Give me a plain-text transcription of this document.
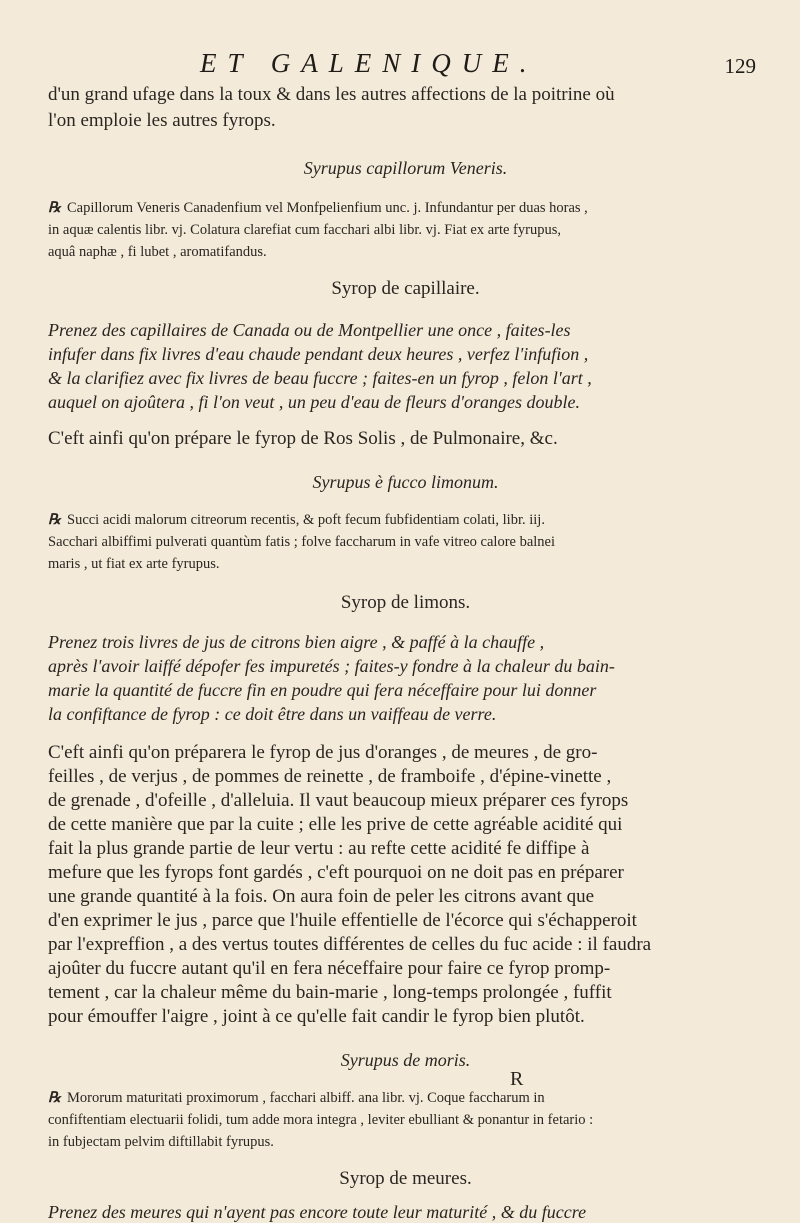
ET GALENIQUE.	129
d'un grand ufage dans la toux & dans les autres affections de la poitrine où
l'on emploie les autres fyrops.
Syrupus capillorum Veneris.
℞ Capillorum Veneris Canadenfium vel Monfpelienfium unc. j. Infundantur per duas horas ,
in aquæ calentis libr. vj. Colatura clarefiat cum facchari albi libr. vj. Fiat ex arte fyrupus,
aquâ naphæ , fi lubet , aromatifandus.
Syrop de capillaire.
Prenez des capillaires de Canada ou de Montpellier une once , faites-les
infufer dans fix livres d'eau chaude pendant deux heures , verfez l'infufion ,
& la clarifiez avec fix livres de beau fuccre ; faites-en un fyrop , felon l'art ,
auquel on ajoûtera , fi l'on veut , un peu d'eau de fleurs d'oranges double.
C'eft ainfi qu'on prépare le fyrop de Ros Solis , de Pulmonaire, &c.
Syrupus è fucco limonum.
℞ Succi acidi malorum citreorum recentis, & poft fecum fubfidentiam colati, libr. iij.
Sacchari albiffimi pulverati quantùm fatis ; folve faccharum in vafe vitreo calore balnei
maris , ut fiat ex arte fyrupus.
Syrop de limons.
Prenez trois livres de jus de citrons bien aigre , & paffé à la chauffe ,
après l'avoir laiffé dépofer fes impuretés ; faites-y fondre à la chaleur du bain-
marie la quantité de fuccre fin en poudre qui fera néceffaire pour lui donner
la confiftance de fyrop : ce doit être dans un vaiffeau de verre.
C'eft ainfi qu'on préparera le fyrop de jus d'oranges , de meures , de gro-
feilles , de verjus , de pommes de reinette , de framboife , d'épine-vinette ,
de grenade , d'ofeille , d'alleluia. Il vaut beaucoup mieux préparer ces fyrops
de cette manière que par la cuite ; elle les prive de cette agréable acidité qui
fait la plus grande partie de leur vertu : au refte cette acidité fe diffipe à
mefure que les fyrops font gardés , c'eft pourquoi on ne doit pas en préparer
une grande quantité à la fois. On aura foin de peler les citrons avant que
d'en exprimer le jus , parce que l'huile effentielle de l'écorce qui s'échapperoit
par l'expreffion , a des vertus toutes différentes de celles du fuc acide : il faudra
ajoûter du fuccre autant qu'il en fera néceffaire pour faire ce fyrop promp-
tement , car la chaleur même du bain-marie , long-temps prolongée , fuffit
pour émouffer l'aigre , joint à ce qu'elle fait candir le fyrop bien plutôt.
Syrupus de moris.
℞ Mororum maturitati proximorum , facchari albiff. ana libr. vj. Coque faccharum in
confiftentiam electuarii folidi, tum adde mora integra , leviter ebulliant & ponantur in fetario :
in fubjectam pelvim diftillabit fyrupus.
Syrop de meures.
Prenez des meures qui n'ayent pas encore toute leur maturité , & du fuccre
R
